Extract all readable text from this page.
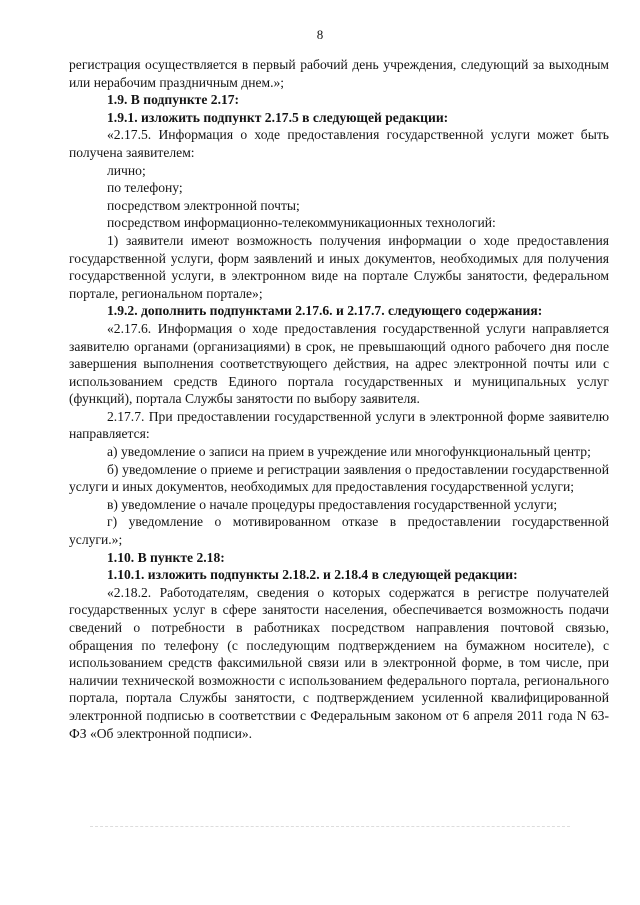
8

регистрация осуществляется в первый рабочий день учреждения, следующий за выходным или нерабочим праздничным днем.»;

1.9. В подпункте 2.17:

1.9.1. изложить подпункт 2.17.5 в следующей редакции:

«2.17.5. Информация о ходе предоставления государственной услуги может быть получена заявителем:

лично;

по телефону;

посредством электронной почты;

посредством информационно-телекоммуникационных технологий:

1) заявители имеют возможность получения информации о ходе предоставления государственной услуги, форм заявлений и иных документов, необходимых для получения государственной услуги, в электронном виде на портале Службы занятости, федеральном портале, региональном портале»;

1.9.2. дополнить подпунктами 2.17.6. и 2.17.7. следующего содержания:

«2.17.6. Информация о ходе предоставления государственной услуги направляется заявителю органами (организациями) в срок, не превышающий одного рабочего дня после завершения выполнения соответствующего действия, на адрес электронной почты или с использованием средств Единого портала государственных и муниципальных услуг (функций), портала Службы занятости по выбору заявителя.

2.17.7. При предоставлении государственной услуги в электронной форме заявителю направляется:

а) уведомление о записи на прием в учреждение или многофункциональный центр;

б) уведомление о приеме и регистрации заявления о предоставлении государственной услуги и иных документов, необходимых для предоставления государственной услуги;

в) уведомление о начале процедуры предоставления государственной услуги;

г) уведомление о мотивированном отказе в предоставлении государственной услуги.»;

1.10. В пункте 2.18:

1.10.1. изложить подпункты 2.18.2. и 2.18.4 в следующей редакции:

«2.18.2. Работодателям, сведения о которых содержатся в регистре получателей государственных услуг в сфере занятости населения, обеспечивается возможность подачи сведений о потребности в работниках посредством направления почтовой связью, обращения по телефону (с последующим подтверждением на бумажном носителе), с использованием средств факсимильной связи или в электронной форме, в том числе, при наличии технической возможности с использованием федерального портала, регионального портала, портала Службы занятости, с подтверждением усиленной квалифицированной электронной подписью в соответствии с Федеральным законом от 6 апреля 2011 года N 63-ФЗ «Об электронной подписи».
